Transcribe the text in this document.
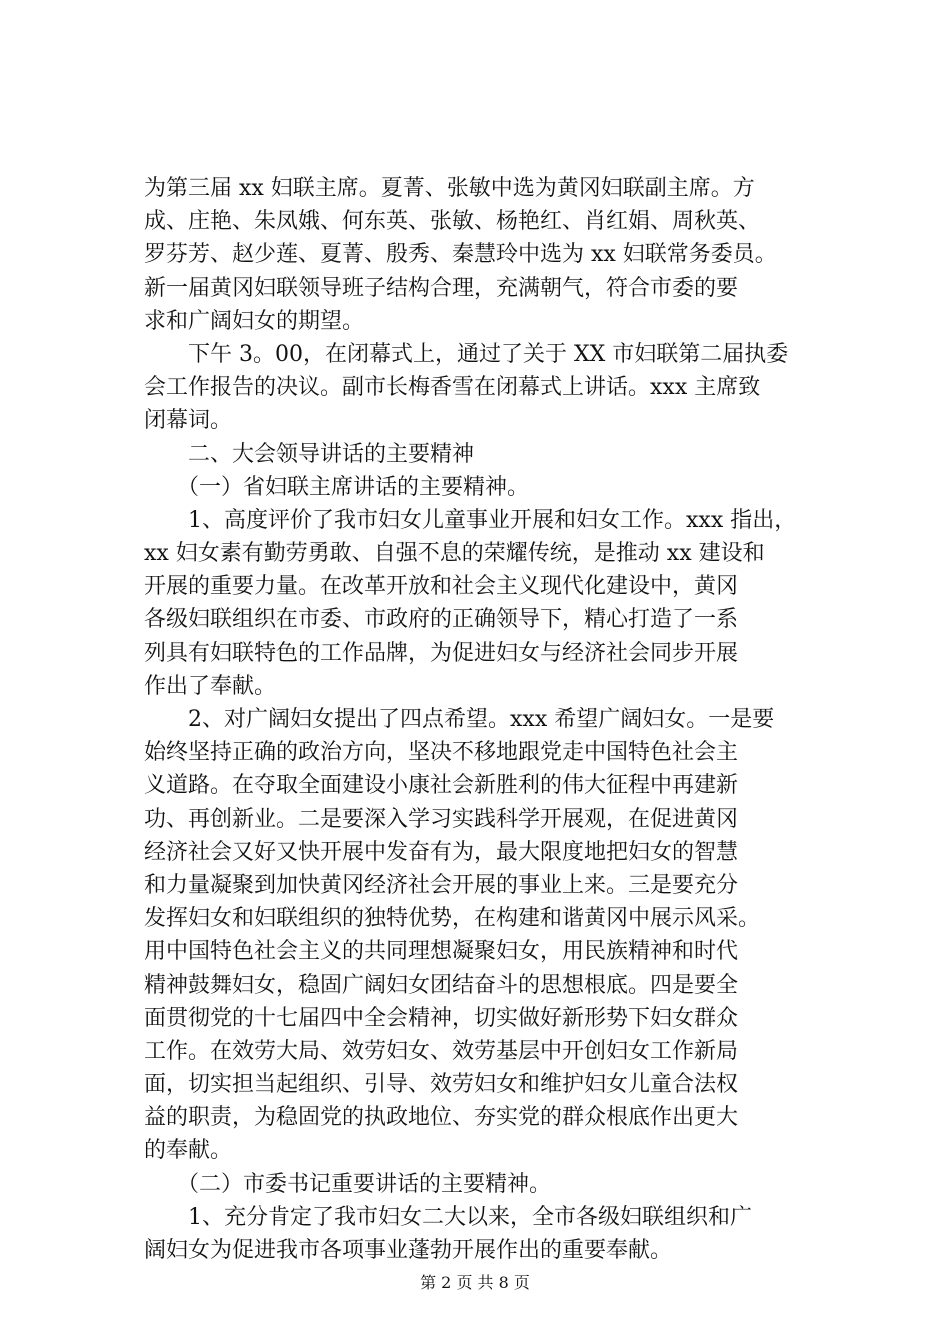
为第三届 xx 妇联主席。夏菁、张敏中选为黄冈妇联副主席。方
成、庄艳、朱凤娥、何东英、张敏、杨艳红、肖红娟、周秋英、
罗芬芳、赵少莲、夏菁、殷秀、秦慧玲中选为 xx 妇联常务委员。
新一届黄冈妇联领导班子结构合理，充满朝气，符合市委的要
求和广阔妇女的期望。
　　下午 3。00，在闭幕式上，通过了关于 XX 市妇联第二届执委
会工作报告的决议。副市长梅香雪在闭幕式上讲话。xxx 主席致
闭幕词。
　　二、大会领导讲话的主要精神
　　（一）省妇联主席讲话的主要精神。
　　1、高度评价了我市妇女儿童事业开展和妇女工作。xxx 指出，
xx 妇女素有勤劳勇敢、自强不息的荣耀传统，是推动 xx 建设和
开展的重要力量。在改革开放和社会主义现代化建设中，黄冈
各级妇联组织在市委、市政府的正确领导下，精心打造了一系
列具有妇联特色的工作品牌，为促进妇女与经济社会同步开展
作出了奉献。
　　2、对广阔妇女提出了四点希望。xxx 希望广阔妇女。一是要
始终坚持正确的政治方向，坚决不移地跟党走中国特色社会主
义道路。在夺取全面建设小康社会新胜利的伟大征程中再建新
功、再创新业。二是要深入学习实践科学开展观，在促进黄冈
经济社会又好又快开展中发奋有为，最大限度地把妇女的智慧
和力量凝聚到加快黄冈经济社会开展的事业上来。三是要充分
发挥妇女和妇联组织的独特优势，在构建和谐黄冈中展示风采。
用中国特色社会主义的共同理想凝聚妇女，用民族精神和时代
精神鼓舞妇女，稳固广阔妇女团结奋斗的思想根底。四是要全
面贯彻党的十七届四中全会精神，切实做好新形势下妇女群众
工作。在效劳大局、效劳妇女、效劳基层中开创妇女工作新局
面，切实担当起组织、引导、效劳妇女和维护妇女儿童合法权
益的职责，为稳固党的执政地位、夯实党的群众根底作出更大
的奉献。
　　（二）市委书记重要讲话的主要精神。
　　1、充分肯定了我市妇女二大以来，全市各级妇联组织和广
阔妇女为促进我市各项事业蓬勃开展作出的重要奉献。
第 2 页 共 8 页
